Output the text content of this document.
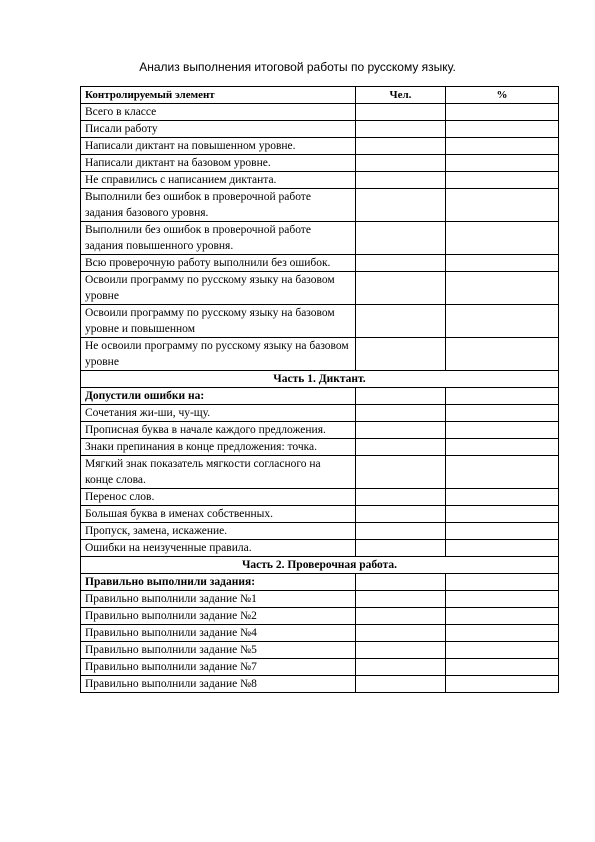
Анализ выполнения итоговой работы по русскому языку.
Контролируемый элемент	Чел.	%
Всего в классе		
Писали работу		
Написали диктант на повышенном уровне.		
Написали диктант на базовом уровне.		
Не справились с написанием диктанта.		
Выполнили без ошибок в проверочной работе задания базового уровня.		
Выполнили без ошибок в проверочной работе задания повышенного уровня.		
Всю проверочную работу выполнили без ошибок.		
Освоили программу по русскому языку на базовом уровне		
Освоили программу по русскому языку на базовом уровне и повышенном		
Не освоили программу по русскому языку на базовом уровне		
Часть 1. Диктант.		
Допустили ошибки на:		
Сочетания жи-ши, чу-щу.		
Прописная буква в начале каждого предложения.		
Знаки препинания в конце предложения: точка.		
Мягкий знак показатель мягкости согласного на конце слова.		
Перенос слов.		
Большая буква в именах собственных.		
Пропуск, замена, искажение.		
Ошибки на неизученные правила.		
Часть 2. Проверочная работа.		
Правильно выполнили задания:		
Правильно выполнили задание №1		
Правильно выполнили задание №2		
Правильно выполнили задание №4		
Правильно выполнили задание №5		
Правильно выполнили задание №7		
Правильно выполнили задание №8		
